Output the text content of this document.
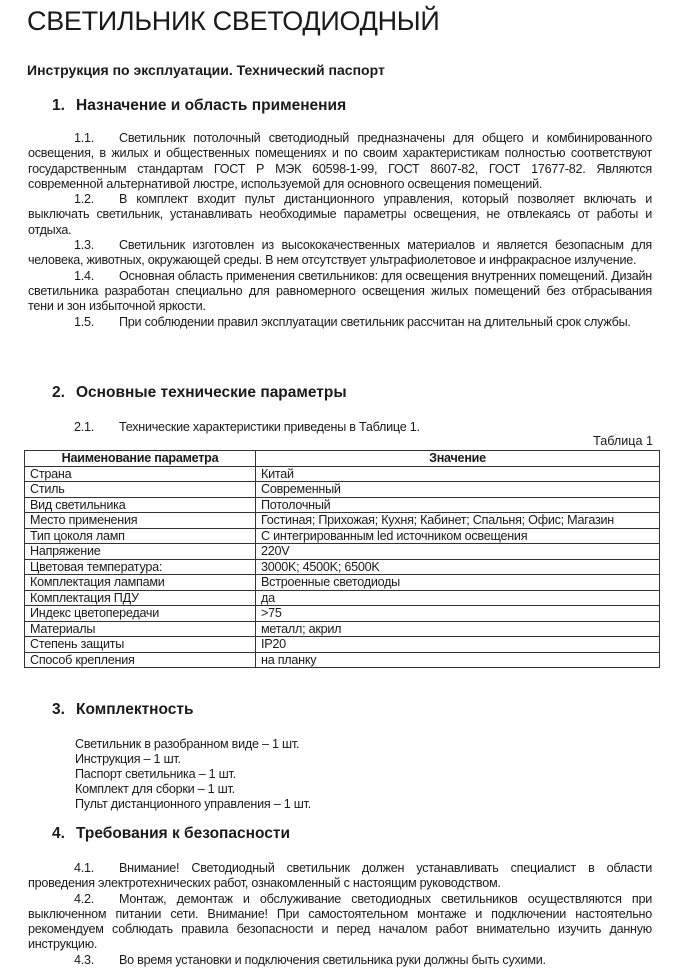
СВЕТИЛЬНИК СВЕТОДИОДНЫЙ
Инструкция по эксплуатации. Технический паспорт
1. Назначение и область применения

1.1. Светильник потолочный светодиодный предназначены для общего и комбинированного освещения, в жилых и общественных помещениях и по своим характеристикам полностью соответствуют государственным стандартам ГОСТ Р МЭК 60598-1-99, ГОСТ 8607-82, ГОСТ 17677-82. Являются современной альтернативой люстре, используемой для основного освещения помещений.

1.2. В комплект входит пульт дистанционного управления, который позволяет включать и выключать светильник, устанавливать необходимые параметры освещения, не отвлекаясь от работы и отдыха.

1.3. Светильник изготовлен из высококачественных материалов и является безопасным для человека, животных, окружающей среды. В нем отсутствует ультрафиолетовое и инфракрасное излучение.

1.4. Основная область применения светильников: для освещения внутренних помещений. Дизайн светильника разработан специально для равномерного освещения жилых помещений без отбрасывания тени и зон избыточной яркости.

1.5. При соблюдении правил эксплуатации светильник рассчитан на длительный срок службы.

2. Основные технические параметры

2.1. Технические характеристики приведены в Таблице 1.

Таблица 1
Наименование параметра	Значение
Страна	Китай
Стиль	Современный
Вид светильника	Потолочный
Место применения	Гостиная; Прихожая; Кухня; Кабинет; Спальня; Офис; Магазин
Тип цоколя ламп	С интегрированным led источником освещения
Напряжение	220V
Цветовая температура:	3000K; 4500K; 6500K
Комплектация лампами	Встроенные светодиоды
Комплектация ПДУ	да
Индекс цветопередачи	>75
Материалы	металл; акрил
Степень защиты	IP20
Способ крепления	на планку
3. Комплектность
Светильник в разобранном виде – 1 шт.
Инструкция – 1 шт.
Паспорт светильника – 1 шт.
Комплект для сборки – 1 шт.
Пульт дистанционного управления – 1 шт.
4. Требования к безопасности

4.1. Внимание! Светодиодный светильник должен устанавливать специалист в области проведения электротехнических работ, ознакомленный с настоящим руководством.

4.2. Монтаж, демонтаж и обслуживание светодиодных светильников осуществляются при выключенном питании сети. Внимание! При самостоятельном монтаже и подключении настоятельно рекомендуем соблюдать правила безопасности и перед началом работ внимательно изучить данную инструкцию.

4.3. Во время установки и подключения светильника руки должны быть сухими.
